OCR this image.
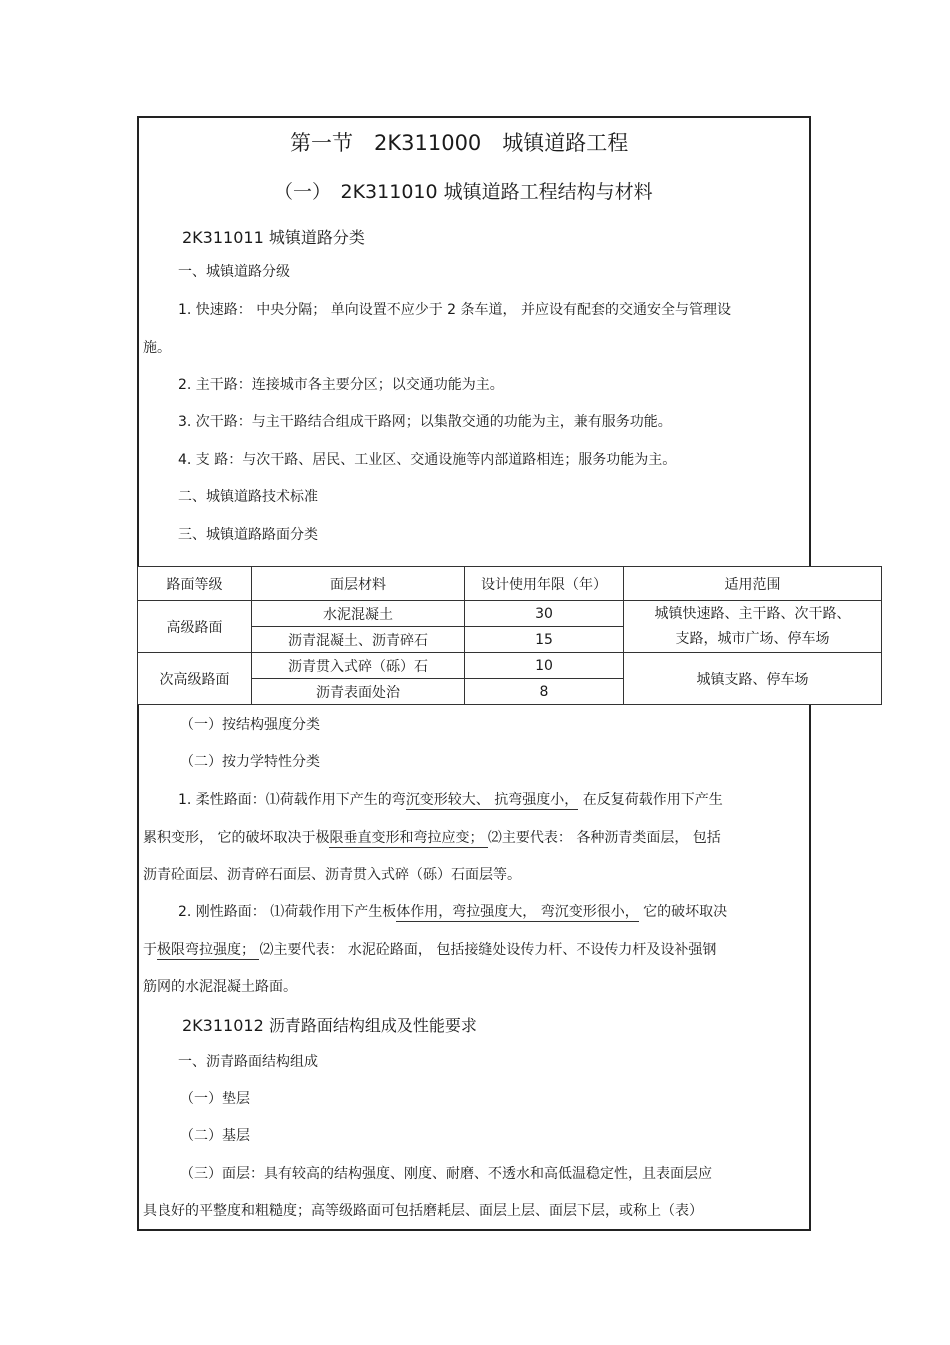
第一节　2K311000　城镇道路工程
（一）　2K311010 城镇道路工程结构与材料
2K311011 城镇道路分类
一、城镇道路分级
1. 快速路： 中央分隔； 单向设置不应少于 2 条车道， 并应设有配套的交通安全与管理设
施。
2. 主干路：连接城市各主要分区；以交通功能为主。
3. 次干路：与主干路结合组成干路网；以集散交通的功能为主，兼有服务功能。
4. 支 路：与次干路、居民、工业区、交通设施等内部道路相连；服务功能为主。
二、城镇道路技术标准
三、城镇道路路面分类
路面等级	面层材料	设计使用年限（年）	适用范围
高级路面	水泥混凝土	30	城镇快速路、主干路、次干路、
支路，城市广场、停车场

	沥青混凝土、沥青碎石	15	
次高级路面	沥青贯入式碎（砾）石	10	城镇支路、停车场
	沥青表面处治	8	
（一）按结构强度分类
（二）按力学特性分类
1. 柔性路面：⑴荷载作用下产生的弯沉变形较大、 抗弯强度小， 在反复荷载作用下产生
累积变形， 它的破坏取决于极限垂直变形和弯拉应变； ⑵主要代表： 各种沥青类面层， 包括
沥青砼面层、沥青碎石面层、沥青贯入式碎（砾）石面层等。
2. 刚性路面： ⑴荷载作用下产生板体作用，弯拉强度大， 弯沉变形很小， 它的破坏取决
于极限弯拉强度； ⑵主要代表： 水泥砼路面， 包括接缝处设传力杆、不设传力杆及设补强钢
筋网的水泥混凝土路面。
2K311012 沥青路面结构组成及性能要求
一、沥青路面结构组成
（一）垫层
（二）基层
（三）面层：具有较高的结构强度、刚度、耐磨、不透水和高低温稳定性，且表面层应
具良好的平整度和粗糙度；高等级路面可包括磨耗层、面层上层、面层下层，或称上（表）
